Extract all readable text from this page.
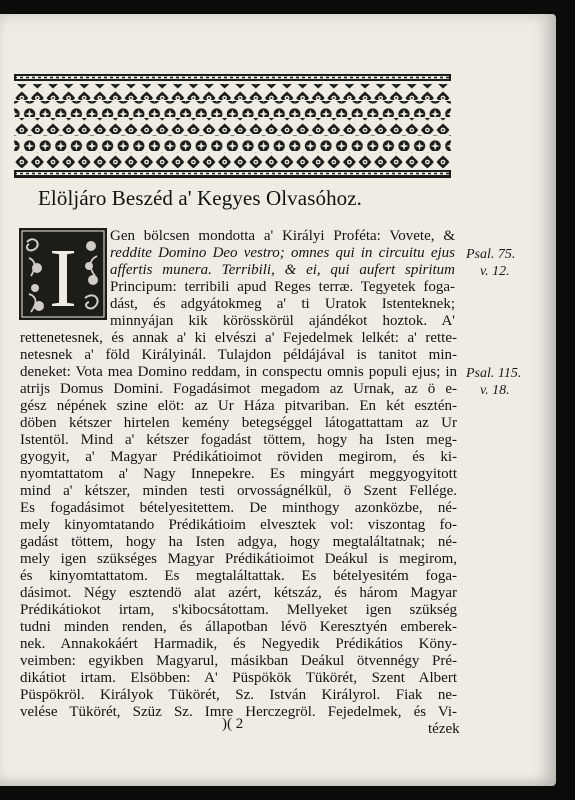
Elöljáro Beszéd a' Kegyes Olvasóhoz.
I Gen bölcsen mondotta a' Királyi Proféta: Vovete, &
reddite Domino Deo vestro; omnes qui in circuitu ejus
affertis munera. Terribili, & ei, qui aufert spiritum
Principum: terribili apud Reges terræ. Tegyetek foga-
dást, és adgyátokmeg a' ti Uratok Istenteknek;
minnyájan kik körösskörül ajándékot hoztok. A'
rettenetesnek, és annak a' ki elvészi a' Fejedelmek lelkét: a' rette-
netesnek a' föld Királyinál. Tulajdon példájával is tanitot min-
deneket: Vota mea Domino reddam, in conspectu omnis populi ejus; in
atrijs Domus Domini. Fogadásimot megadom az Urnak, az ö e-
gész népének szine elöt: az Ur Háza pitvariban. En két esztén-
döben kétszer hirtelen kemény betegséggel látogattattam az Ur
Istentöl. Mind a' kétszer fogadást töttem, hogy ha Isten meg-
gyogyit, a' Magyar Prédikátioimot röviden megirom, és ki-
nyomtattatom a' Nagy Innepekre. Es mingyárt meggyogyitott
mind a' kétszer, minden testi orvosságnélkül, ö Szent Fellége.
Es fogadásimot bételyesitettem. De minthogy azonközbe, né-
mely kinyomtatando Prédikátioim elvesztek vol: viszontag fo-
gadást töttem, hogy ha Isten adgya, hogy megtaláltatnak; né-
mely igen szükséges Magyar Prédikátioimot Deákul is megirom,
és kinyomtattatom. Es megtaláltattak. Es bételyesitém foga-
dásimot. Négy esztendö alat azért, kétszáz, és három Magyar
Prédikátiokot irtam, s'kibocsátottam. Mellyeket igen szükség
tudni minden renden, és állapotban lévö Keresztyén emberek-
nek. Annakokáért Harmadik, és Negyedik Prédikátios Köny-
veimben: egyikben Magyarul, másikban Deákul ötvennégy Pré-
dikátiot irtam. Elsöbben: A' Püspökök Tükörét, Szent Albert
Püspökröl. Királyok Tükörét, Sz. István Királyrol. Fiak ne-
velése Tükörét, Szüz Sz. Imre Herczegröl. Fejedelmek, és Vi-
Psal. 75.
v. 12.
Psal. 115.
v. 18.
)( 2	tézek
